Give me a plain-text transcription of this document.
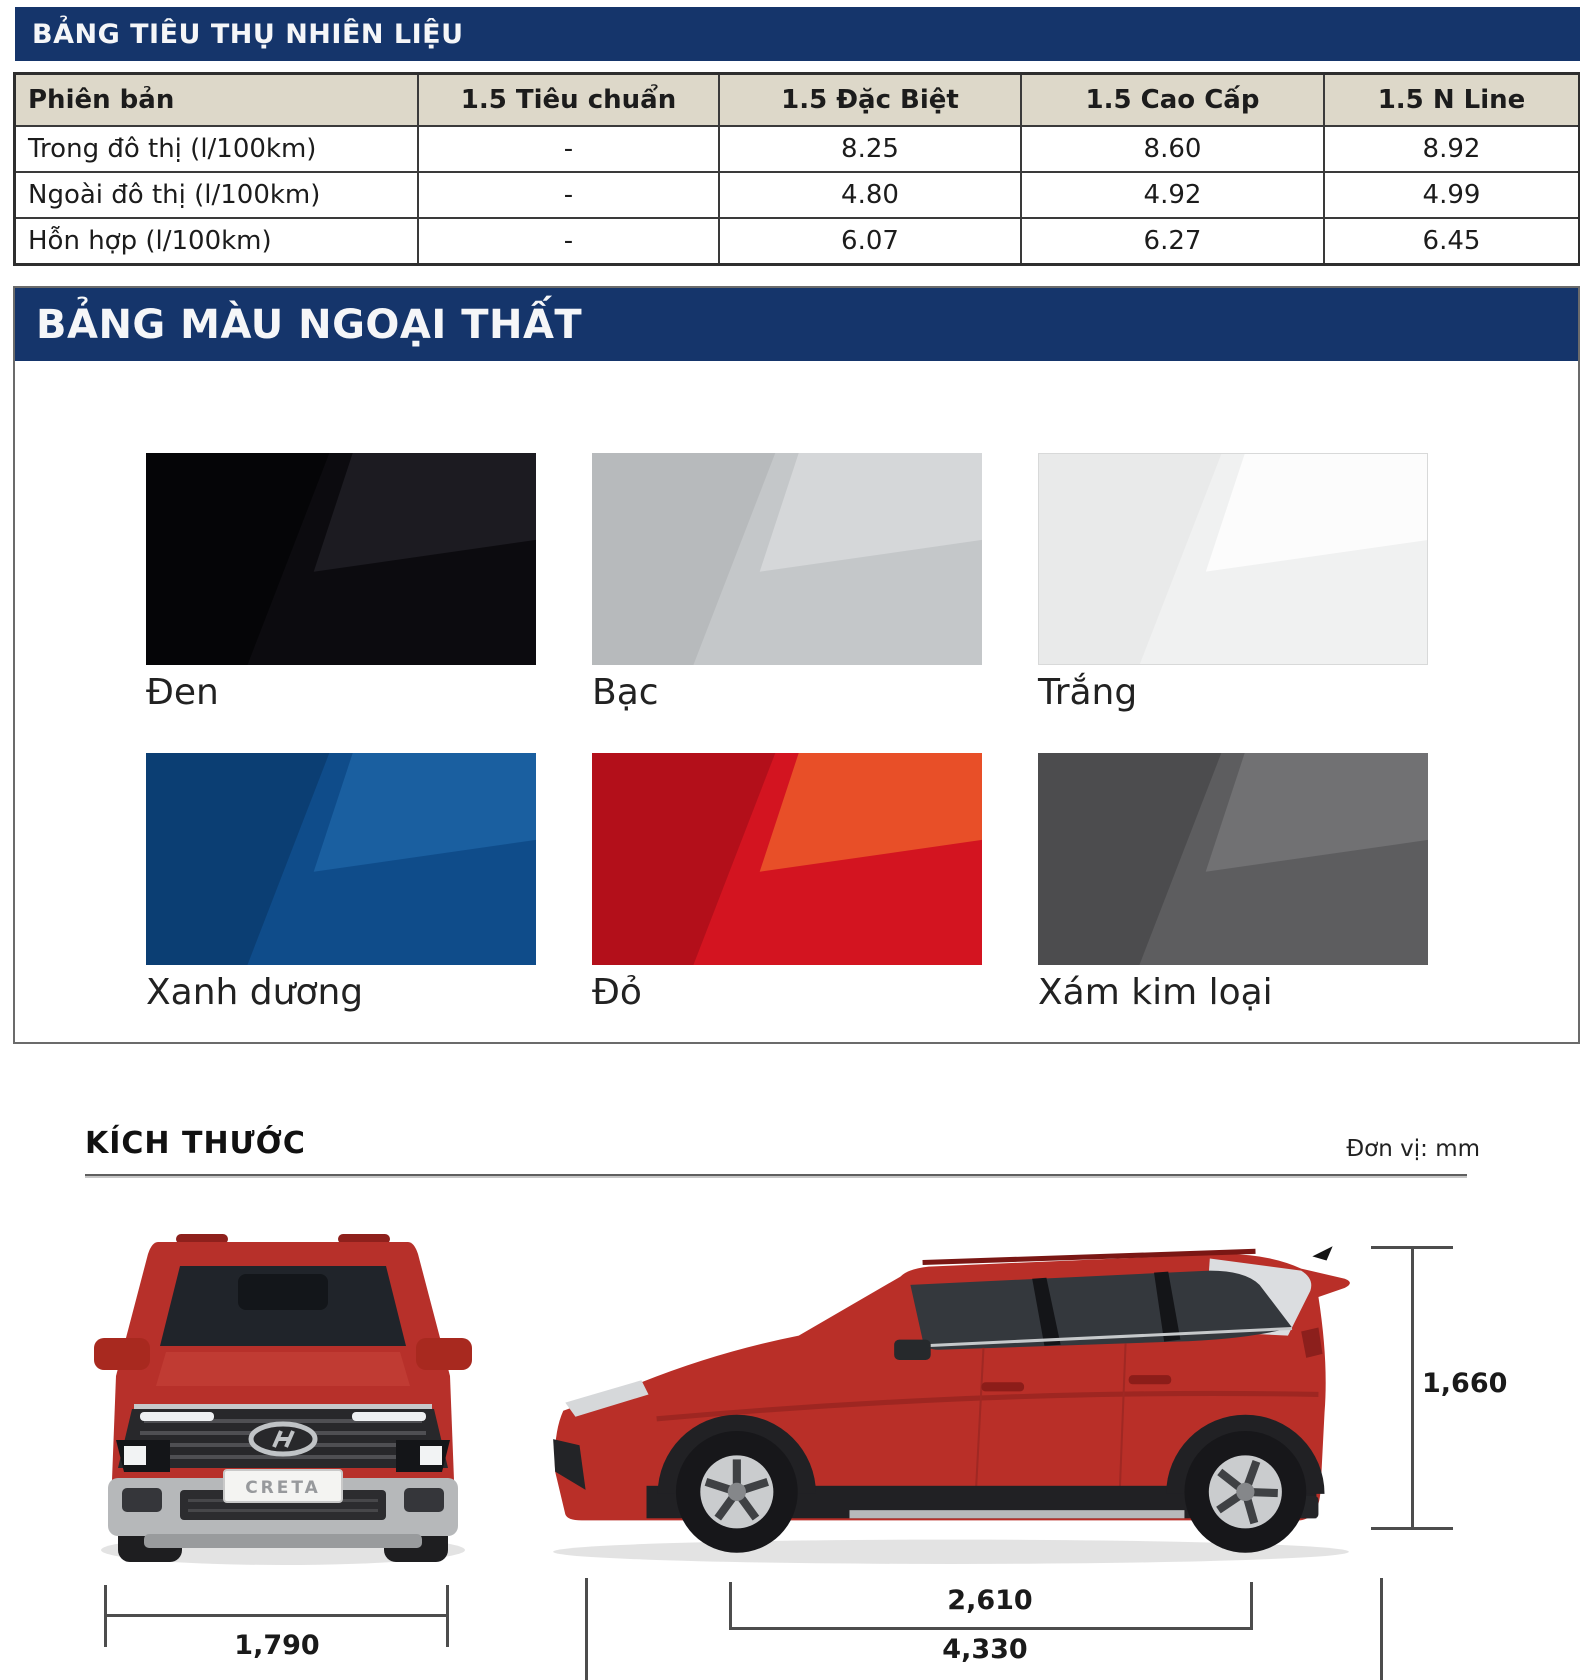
BẢNG TIÊU THỤ NHIÊN LIỆU
Phiên bản	1.5 Tiêu chuẩn	1.5 Đặc Biệt	1.5 Cao Cấp	1.5 N Line
Trong đô thị (l/100km)	-	8.25	8.60	8.92
Ngoài đô thị (l/100km)	-	4.80	4.92	4.99
Hỗn hợp (l/100km)	-	6.07	6.27	6.45
BẢNG MÀU NGOẠI THẤT
Đen	Bạc	Trắng
Xanh dương	Đỏ	Xám kim loại
KÍCH THƯỚC	Đơn vị: mm
CRETA
1,790
2,610
4,330
1,660
